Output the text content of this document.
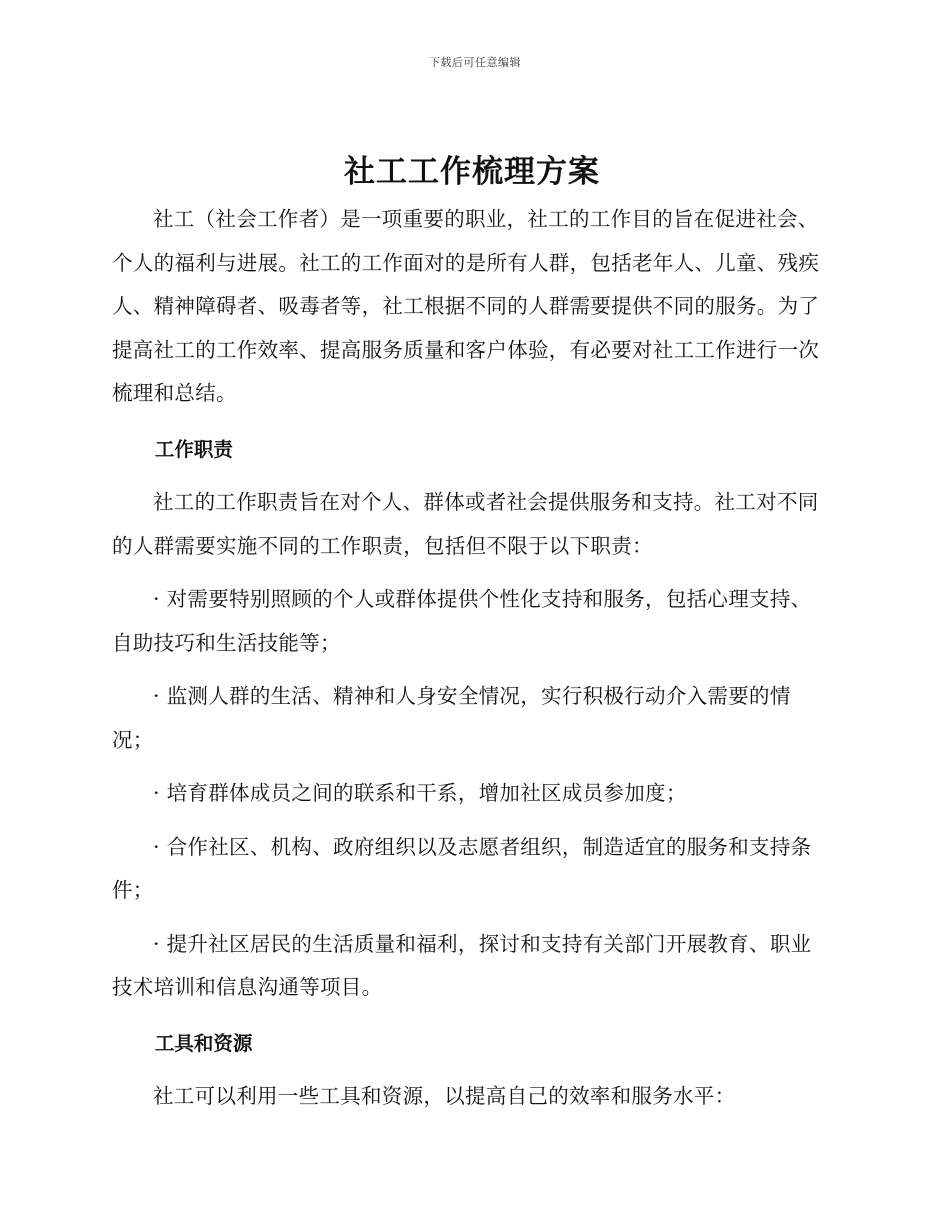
下载后可任意编辑
社工工作梳理方案

社工（社会工作者）是一项重要的职业，社工的工作目的旨在促进社会、个人的福利与进展。社工的工作面对的是所有人群，包括老年人、儿童、残疾人、精神障碍者、吸毒者等，社工根据不同的人群需要提供不同的服务。为了提高社工的工作效率、提高服务质量和客户体验，有必要对社工工作进行一次梳理和总结。

工作职责

社工的工作职责旨在对个人、群体或者社会提供服务和支持。社工对不同的人群需要实施不同的工作职责，包括但不限于以下职责：

· 对需要特别照顾的个人或群体提供个性化支持和服务，包括心理支持、自助技巧和生活技能等；

· 监测人群的生活、精神和人身安全情况，实行积极行动介入需要的情况；

· 培育群体成员之间的联系和干系，增加社区成员参加度；

· 合作社区、机构、政府组织以及志愿者组织，制造适宜的服务和支持条件；

· 提升社区居民的生活质量和福利，探讨和支持有关部门开展教育、职业技术培训和信息沟通等项目。

工具和资源

社工可以利用一些工具和资源，以提高自己的效率和服务水平：
